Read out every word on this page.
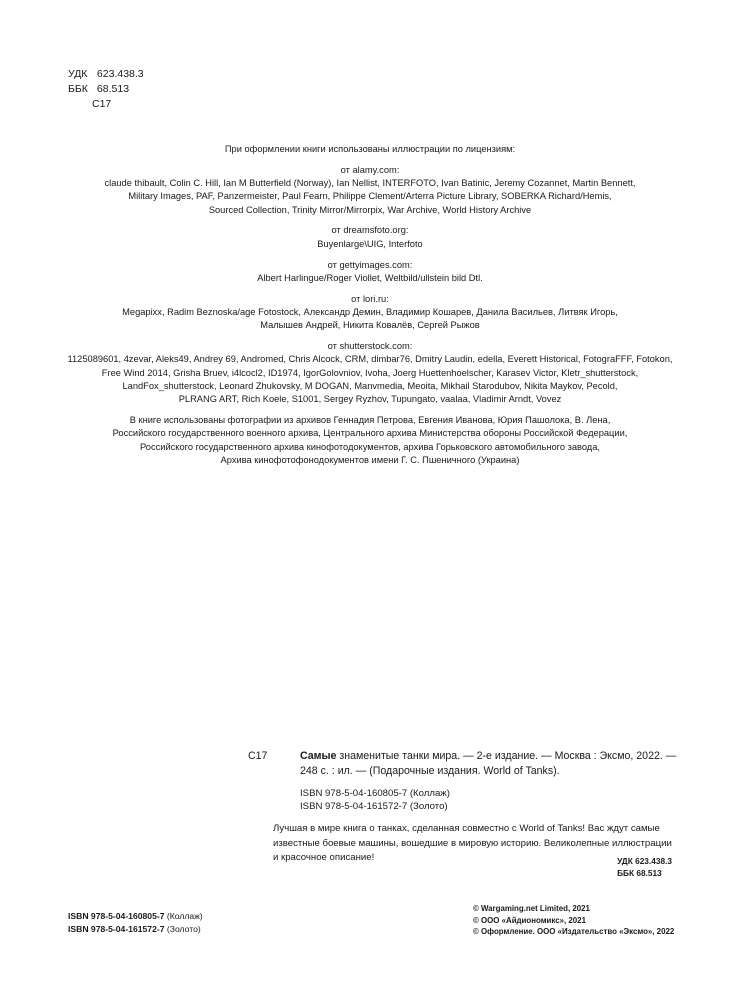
УДК 623.438.3
ББК 68.513
С17
При оформлении книги использованы иллюстрации по лицензиям:
от alamy.com:
claude thibault, Colin C. Hill, Ian M Butterfield (Norway), Ian Nellist, INTERFOTO, Ivan Batinic, Jeremy Cozannet, Martin Bennett,
Military Images, PAF, Panzermeister, Paul Fearn, Philippe Clement/Arterra Picture Library, SOBERKA Richard/Hemis,
Sourced Collection, Trinity Mirror/Mirrorpix, War Archive, World History Archive
от dreamsfoto.org:
Buyenlarge\UIG, Interfoto
от gettyimages.com:
Albert Harlingue/Roger Viollet, Weltbild/ullstein bild Dtl.
от lori.ru:
Megapixx, Radim Beznoska/age Fotostock, Александр Демин, Владимир Кошарев, Данила Васильев, Литвяк Игорь,
Малышев Андрей, Никита Ковалёв, Сергей Рыжов
от shutterstock.com:
1125089601, 4zevar, Aleks49, Andrey 69, Andromed, Chris Alcock, CRM, dimbar76, Dmitry Laudin, edella, Everett Historical, FotograFFF, Fotokon,
Free Wind 2014, Grisha Bruev, i4lcocl2, ID1974, IgorGolovniov, Ivoha, Joerg Huettenhoelscher, Karasev Victor, Kletr_shutterstock,
LandFox_shutterstock, Leonard Zhukovsky, M DOGAN, Manvmedia, Meoita, Mikhail Starodubov, Nikita Maykov, Pecold,
PLRANG ART, Rich Koele, S1001, Sergey Ryzhov, Tupungato, vaalaa, Vladimir Arndt, Vovez
В книге использованы фотографии из архивов Геннадия Петрова, Евгения Иванова, Юрия Пашолока, В. Лена,
Российского государственного военного архива, Центрального архива Министерства обороны Российской Федерации,
Российского государственного архива кинофотодокументов, архива Горьковского автомобильного завода,
Архива кинофотофонодокументов имени Г. С. Пшеничного (Украина)
С17	Самые знаменитые танки мира. — 2-е издание. — Москва : Эксмо, 2022. —
248 с. : ил. — (Подарочные издания. World of Tanks).
ISBN 978-5-04-160805-7 (Коллаж)
ISBN 978-5-04-161572-7 (Золото)
Лучшая в мире книга о танках, сделанная совместно с World of Tanks! Вас ждут самые
известные боевые машины, вошедшие в мировую историю. Великолепные иллюстрации
и красочное описание!	УДК 623.438.3
ББК 68.513
ISBN 978-5-04-160805-7 (Коллаж)
ISBN 978-5-04-161572-7 (Золото)
© Wargaming.net Limited, 2021
© ООО «Айдиономикс», 2021
© Оформление. ООО «Издательство «Эксмо», 2022
